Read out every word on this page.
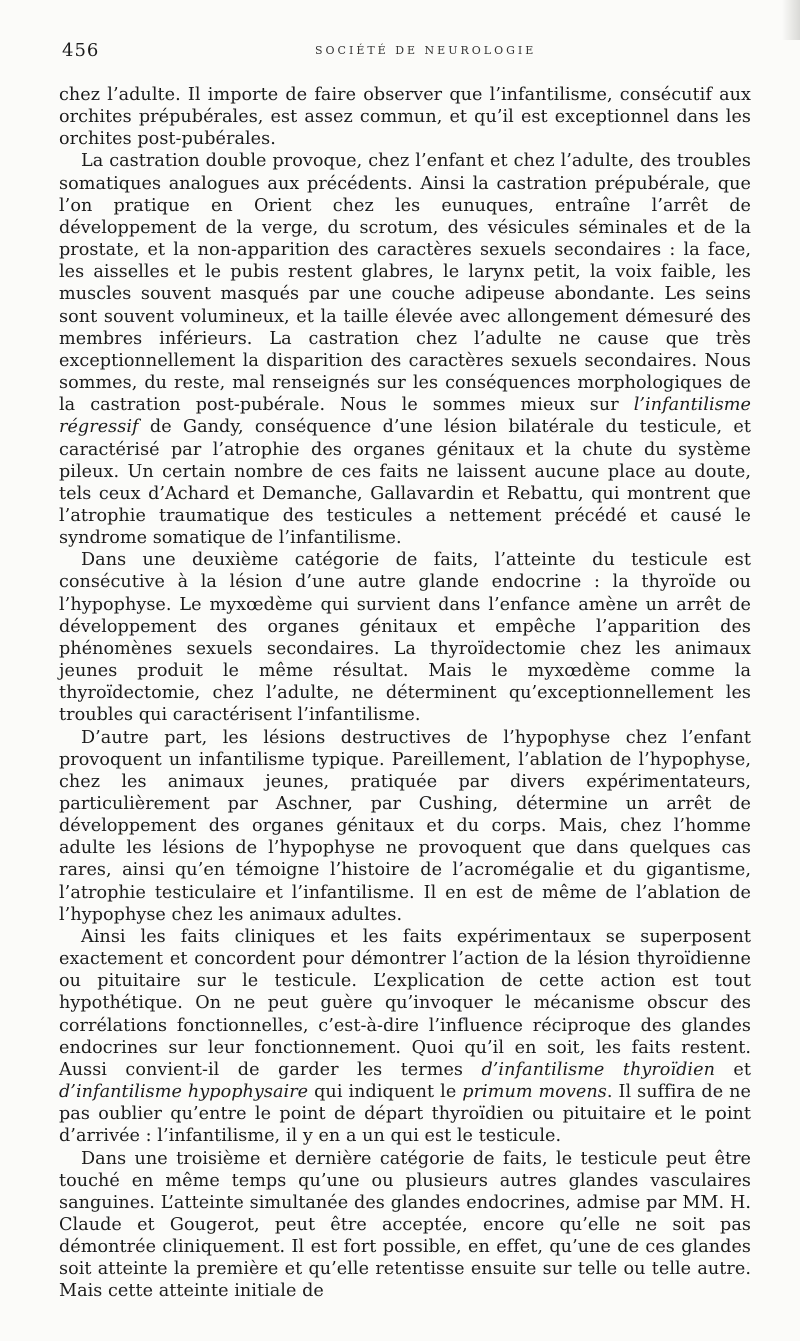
456	SOCIÉTÉ DE NEUROLOGIE

chez l’adulte. Il importe de faire observer que l’infantilisme, consécutif aux orchites prépubérales, est assez commun, et qu’il est exceptionnel dans les orchites post-pubérales.

La castration double provoque, chez l’enfant et chez l’adulte, des troubles somatiques analogues aux précédents. Ainsi la castration prépubérale, que l’on pratique en Orient chez les eunuques, entraîne l’arrêt de développement de la verge, du scrotum, des vésicules séminales et de la prostate, et la non-apparition des caractères sexuels secondaires : la face, les aisselles et le pubis restent glabres, le larynx petit, la voix faible, les muscles souvent masqués par une couche adipeuse abondante. Les seins sont souvent volumineux, et la taille élevée avec allongement démesuré des membres inférieurs. La castration chez l’adulte ne cause que très exceptionnellement la disparition des caractères sexuels secondaires. Nous sommes, du reste, mal renseignés sur les conséquences morphologiques de la castration post-pubérale. Nous le sommes mieux sur l’infantilisme régressif de Gandy, conséquence d’une lésion bilatérale du testicule, et caractérisé par l’atrophie des organes génitaux et la chute du système pileux. Un certain nombre de ces faits ne laissent aucune place au doute, tels ceux d’Achard et Demanche, Gallavardin et Rebattu, qui montrent que l’atrophie traumatique des testicules a nettement précédé et causé le syndrome somatique de l’infantilisme.

Dans une deuxième catégorie de faits, l’atteinte du testicule est consécutive à la lésion d’une autre glande endocrine : la thyroïde ou l’hypophyse. Le myxœdème qui survient dans l’enfance amène un arrêt de développement des organes génitaux et empêche l’apparition des phénomènes sexuels secondaires. La thyroïdectomie chez les animaux jeunes produit le même résultat. Mais le myxœdème comme la thyroïdectomie, chez l’adulte, ne déterminent qu’exceptionnellement les troubles qui caractérisent l’infantilisme.

D’autre part, les lésions destructives de l’hypophyse chez l’enfant provoquent un infantilisme typique. Pareillement, l’ablation de l’hypophyse, chez les animaux jeunes, pratiquée par divers expérimentateurs, particulièrement par Aschner, par Cushing, détermine un arrêt de développement des organes génitaux et du corps. Mais, chez l’homme adulte les lésions de l’hypophyse ne provoquent que dans quelques cas rares, ainsi qu’en témoigne l’histoire de l’acromégalie et du gigantisme, l’atrophie testiculaire et l’infantilisme. Il en est de même de l’ablation de l’hypophyse chez les animaux adultes.

Ainsi les faits cliniques et les faits expérimentaux se superposent exactement et concordent pour démontrer l’action de la lésion thyroïdienne ou pituitaire sur le testicule. L’explication de cette action est tout hypothétique. On ne peut guère qu’invoquer le mécanisme obscur des corrélations fonctionnelles, c’est-à-dire l’influence réciproque des glandes endocrines sur leur fonctionnement. Quoi qu’il en soit, les faits restent. Aussi convient-il de garder les termes d’infantilisme thyroïdien et d’infantilisme hypophysaire qui indiquent le primum movens. Il suffira de ne pas oublier qu’entre le point de départ thyroïdien ou pituitaire et le point d’arrivée : l’infantilisme, il y en a un qui est le testicule.

Dans une troisième et dernière catégorie de faits, le testicule peut être touché en même temps qu’une ou plusieurs autres glandes vasculaires sanguines. L’atteinte simultanée des glandes endocrines, admise par MM. H. Claude et Gougerot, peut être acceptée, encore qu’elle ne soit pas démontrée cliniquement. Il est fort possible, en effet, qu’une de ces glandes soit atteinte la première et qu’elle retentisse ensuite sur telle ou telle autre. Mais cette atteinte initiale de
